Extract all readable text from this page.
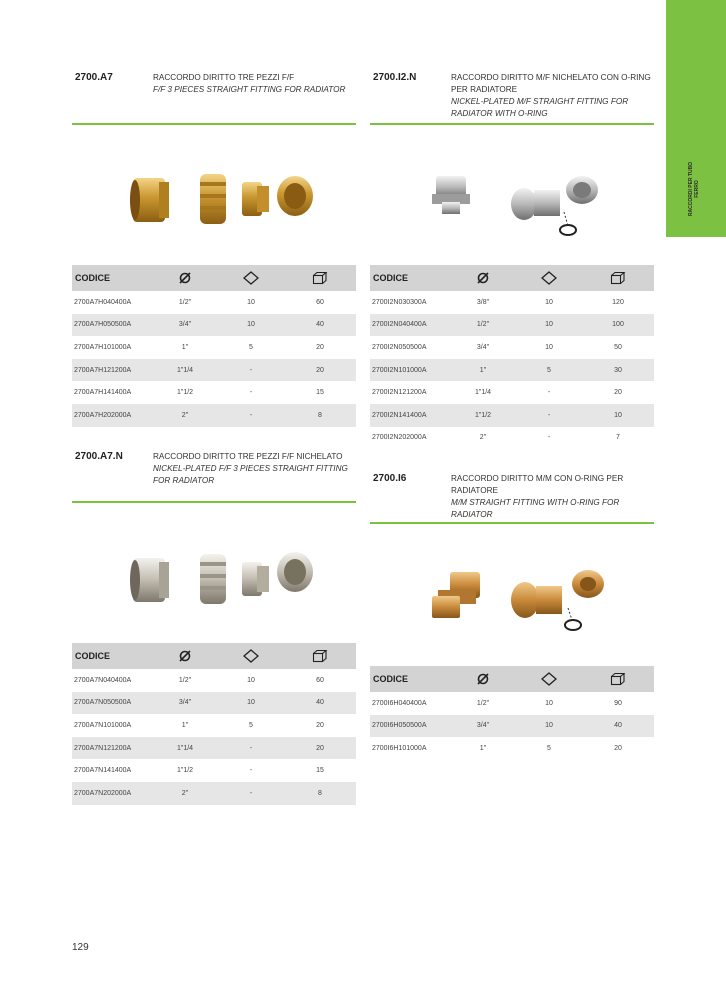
RACCORDI PER TUBO FERRO
2700.A7	RACCORDO DIRITTO TRE PEZZI F/F
F/F 3 PIECES STRAIGHT FITTING FOR RADIATOR
CODICE	

2700A7H040400A	1/2"	10	60
2700A7H050500A	3/4"	10	40
2700A7H101000A	1"	5	20
2700A7H121200A	1"1/4	-	20
2700A7H141400A	1"1/2	-	15
2700A7H202000A	2"	-	8
2700.I2.N	RACCORDO DIRITTO M/F NICHELATO CON O-RING PER RADIATORE
NICKEL-PLATED M/F STRAIGHT FITTING FOR RADIATOR WITH O-RING
CODICE	

2700I2N030300A	3/8"	10	120
2700I2N040400A	1/2"	10	100
2700I2N050500A	3/4"	10	50
2700I2N101000A	1"	5	30
2700I2N121200A	1"1/4	-	20
2700I2N141400A	1"1/2	-	10
2700I2N202000A	2"	-	7
2700.A7.N	RACCORDO DIRITTO TRE PEZZI F/F NICHELATO
NICKEL-PLATED F/F 3 PIECES STRAIGHT FITTING FOR RADIATOR
CODICE	

2700A7N040400A	1/2"	10	60
2700A7N050500A	3/4"	10	40
2700A7N101000A	1"	5	20
2700A7N121200A	1"1/4	-	20
2700A7N141400A	1"1/2	-	15
2700A7N202000A	2"	-	8
2700.I6	RACCORDO DIRITTO M/M CON O-RING PER RADIATORE
M/M STRAIGHT FITTING WITH O-RING FOR RADIATOR
CODICE	

2700I6H040400A	1/2"	10	90
2700I6H050500A	3/4"	10	40
2700I6H101000A	1"	5	20
129
